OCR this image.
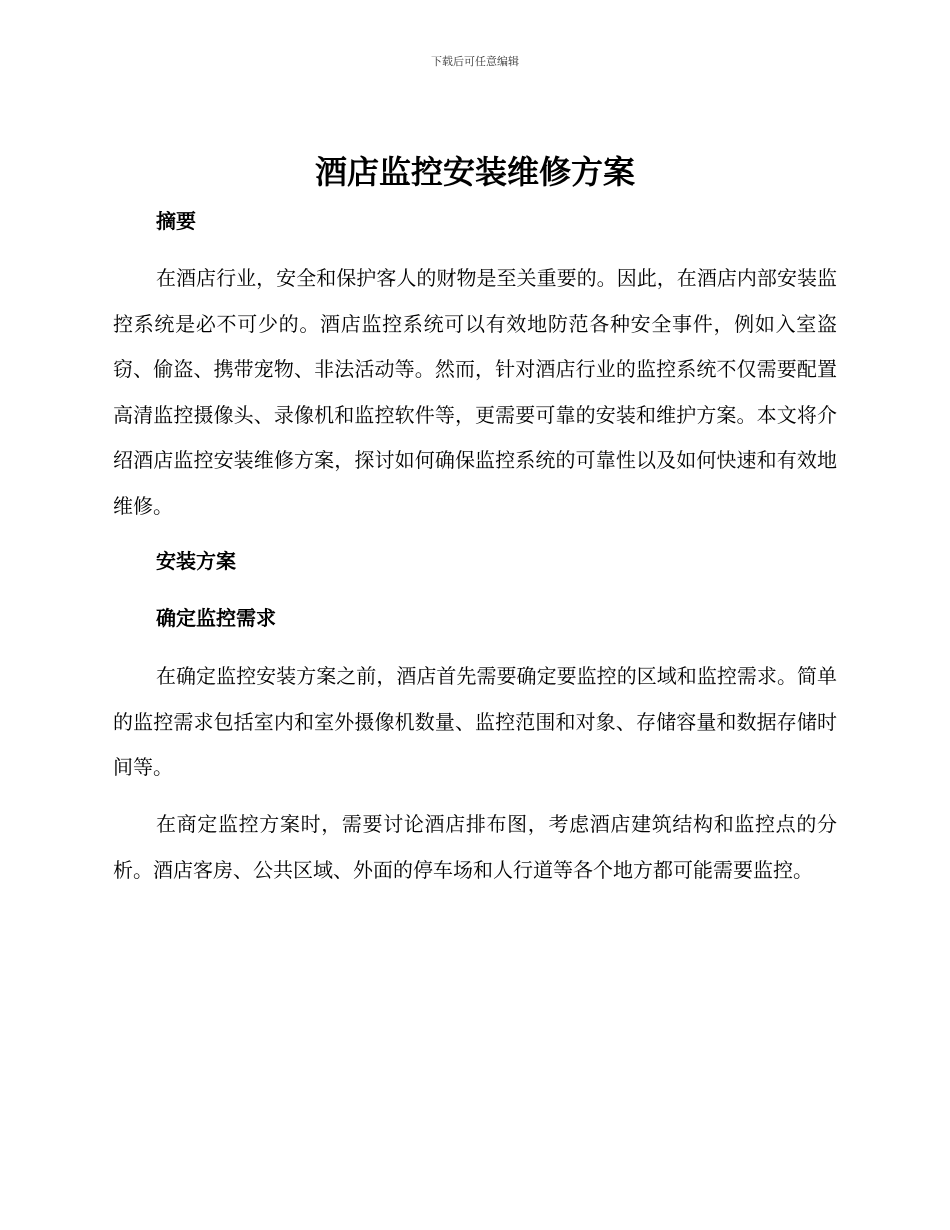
下载后可任意编辑
酒店监控安装维修方案
摘要

在酒店行业，安全和保护客人的财物是至关重要的。因此，在酒店内部安装监控系统是必不可少的。酒店监控系统可以有效地防范各种安全事件，例如入室盗窃、偷盗、携带宠物、非法活动等。然而，针对酒店行业的监控系统不仅需要配置高清监控摄像头、录像机和监控软件等，更需要可靠的安装和维护方案。本文将介绍酒店监控安装维修方案，探讨如何确保监控系统的可靠性以及如何快速和有效地维修。

安装方案
确定监控需求

在确定监控安装方案之前，酒店首先需要确定要监控的区域和监控需求。简单的监控需求包括室内和室外摄像机数量、监控范围和对象、存储容量和数据存储时间等。

在商定监控方案时，需要讨论酒店排布图，考虑酒店建筑结构和监控点的分析。酒店客房、公共区域、外面的停车场和人行道等各个地方都可能需要监控。
